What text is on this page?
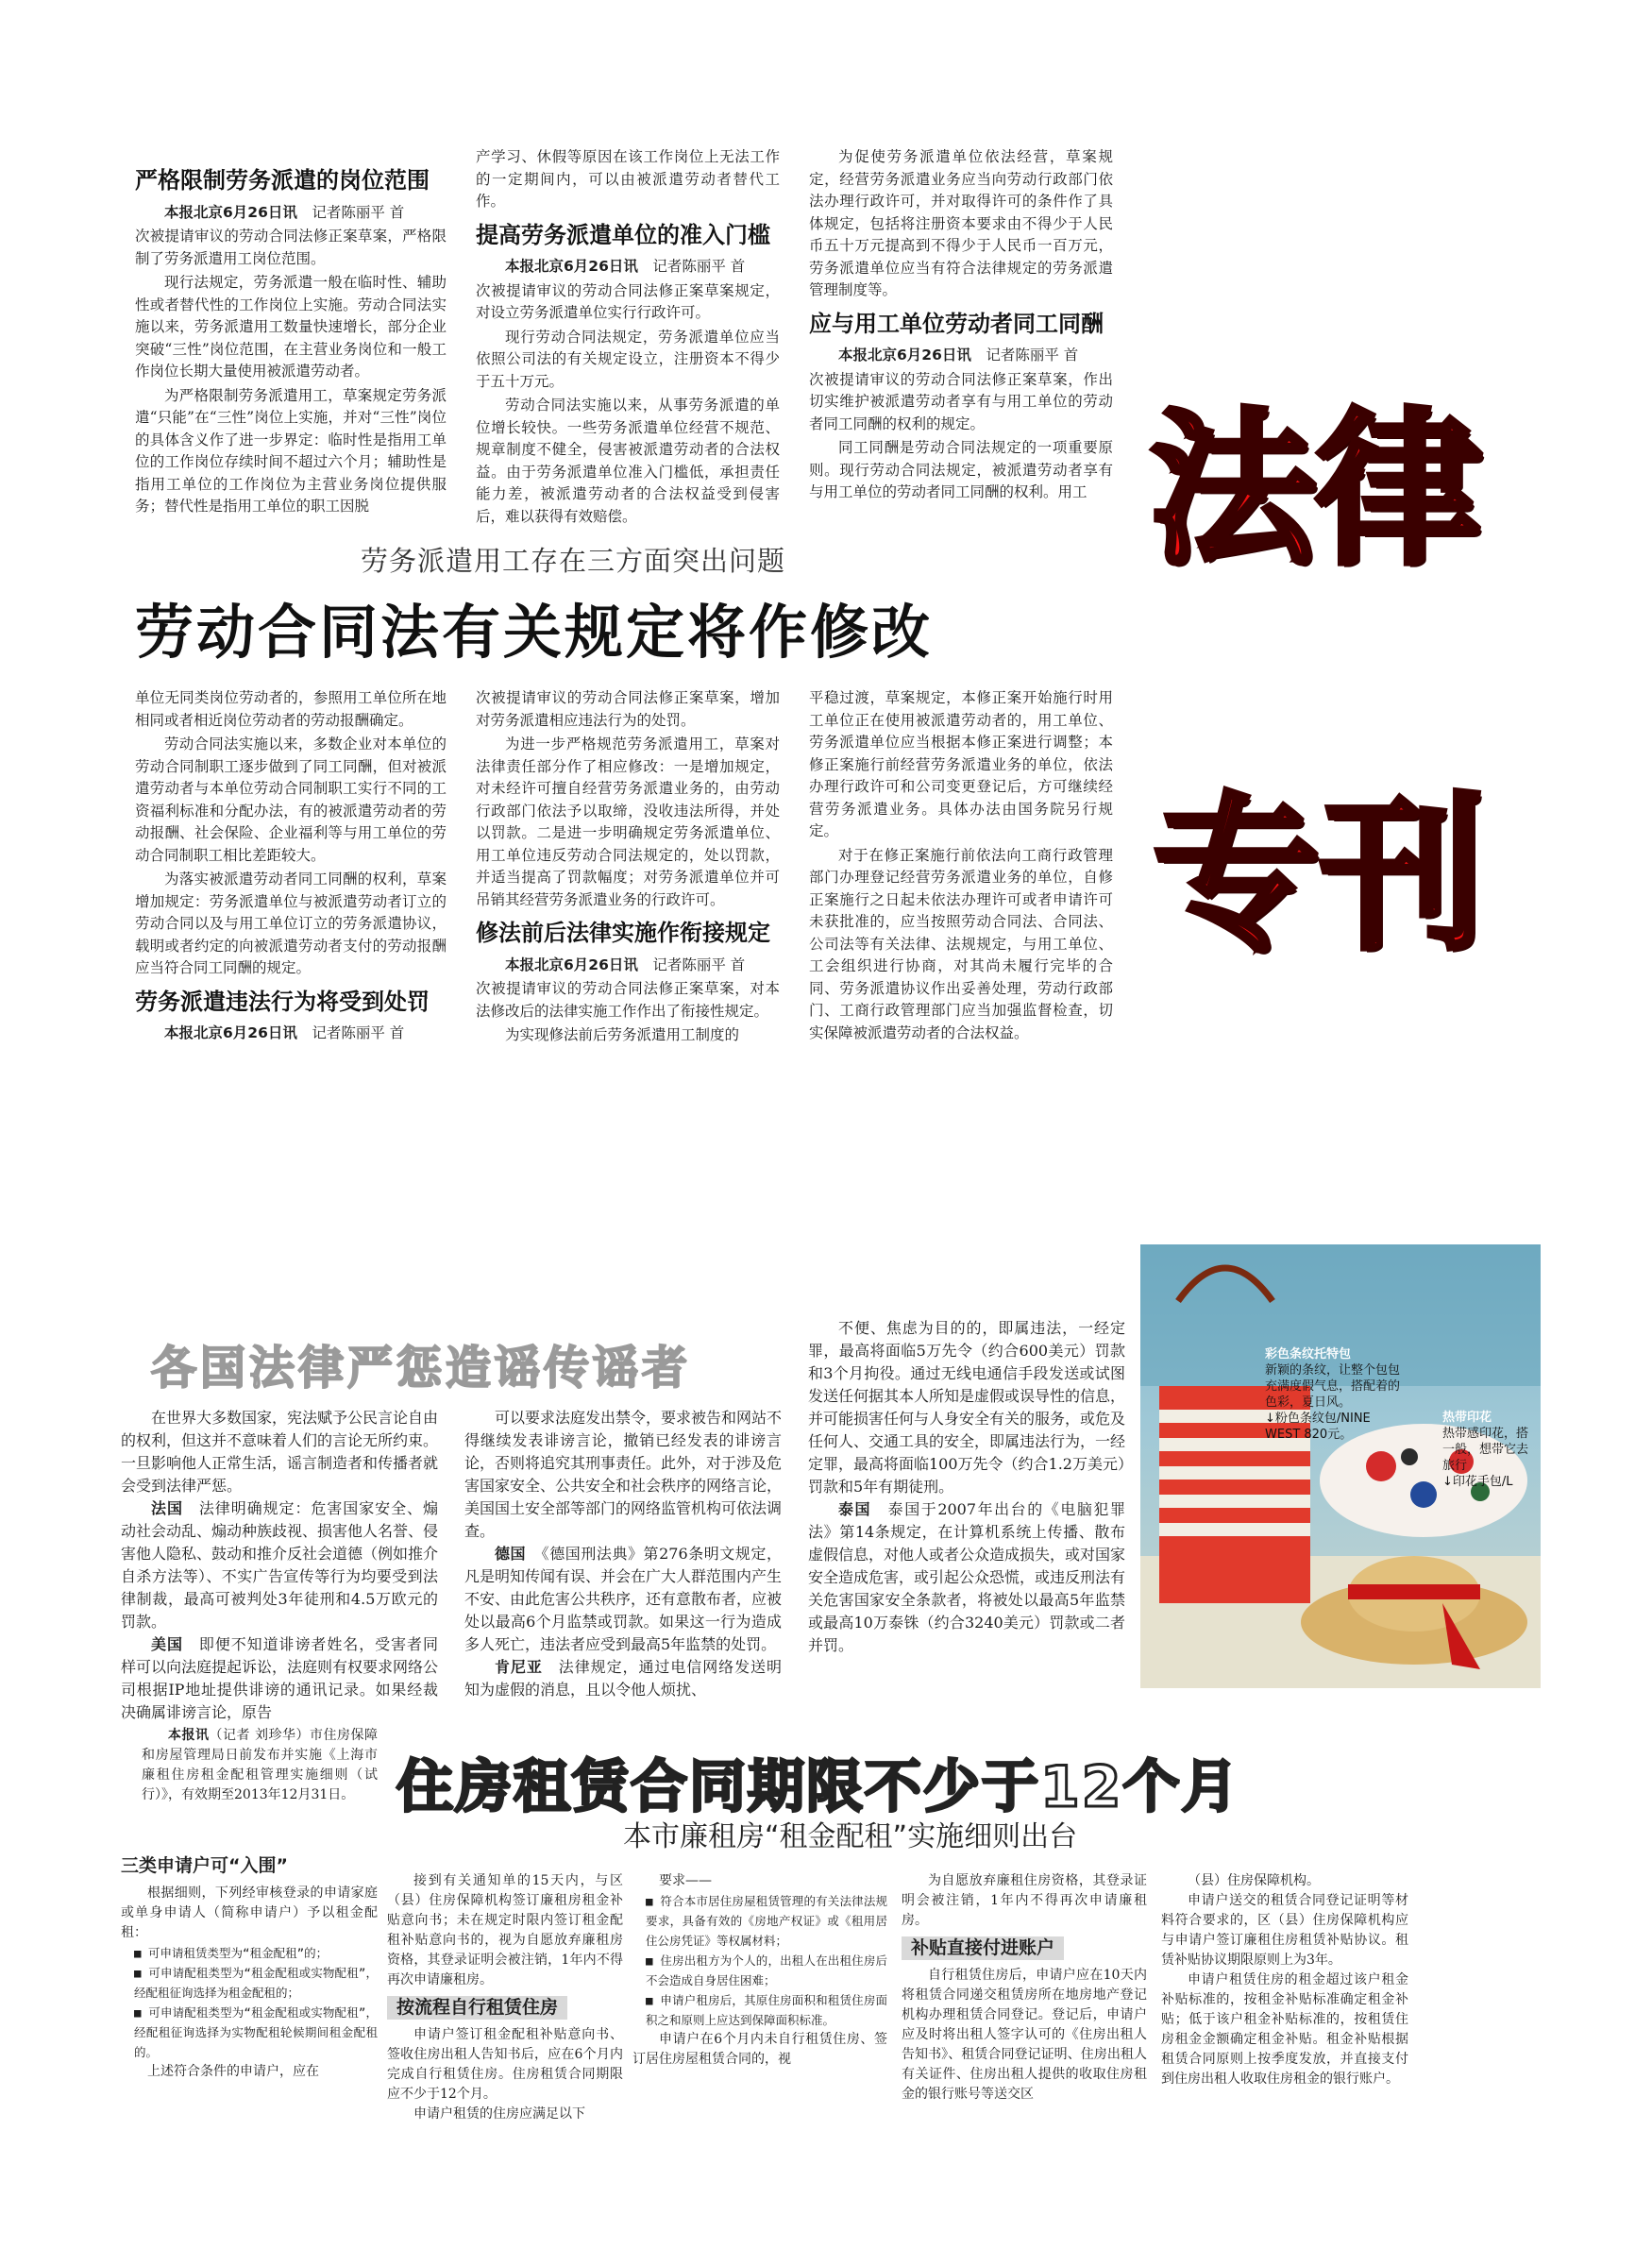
严格限制劳务派遣的岗位范围

本报北京6月26日讯　 记者陈丽平 首

次被提请审议的劳动合同法修正案草案，严格限制了劳务派遣用工岗位范围。

现行法规定，劳务派遣一般在临时性、辅助性或者替代性的工作岗位上实施。劳动合同法实施以来，劳务派遣用工数量快速增长，部分企业突破“三性”岗位范围，在主营业务岗位和一般工作岗位长期大量使用被派遣劳动者。

为严格限制劳务派遣用工，草案规定劳务派遣“只能”在“三性”岗位上实施，并对“三性”岗位的具体含义作了进一步界定：临时性是指用工单位的工作岗位存续时间不超过六个月；辅助性是指用工单位的工作岗位为主营业务岗位提供服务；替代性是指用工单位的职工因脱

产学习、休假等原因在该工作岗位上无法工作的一定期间内，可以由被派遣劳动者替代工作。

提高劳务派遣单位的准入门槛

本报北京6月26日讯　 记者陈丽平 首

次被提请审议的劳动合同法修正案草案规定，对设立劳务派遣单位实行行政许可。

现行劳动合同法规定，劳务派遣单位应当依照公司法的有关规定设立，注册资本不得少于五十万元。

劳动合同法实施以来，从事劳务派遣的单位增长较快。一些劳务派遣单位经营不规范、规章制度不健全，侵害被派遣劳动者的合法权益。由于劳务派遣单位准入门槛低，承担责任能力差，被派遣劳动者的合法权益受到侵害后，难以获得有效赔偿。

为促使劳务派遣单位依法经营，草案规定，经营劳务派遣业务应当向劳动行政部门依法办理行政许可，并对取得许可的条件作了具体规定，包括将注册资本要求由不得少于人民币五十万元提高到不得少于人民币一百万元，劳务派遣单位应当有符合法律规定的劳务派遣管理制度等。

应与用工单位劳动者同工同酬

本报北京6月26日讯　 记者陈丽平 首

次被提请审议的劳动合同法修正案草案，作出切实维护被派遣劳动者享有与用工单位的劳动者同工同酬的权利的规定。

同工同酬是劳动合同法规定的一项重要原则。现行劳动合同法规定，被派遣劳动者享有与用工单位的劳动者同工同酬的权利。用工 法律
专刊
劳务派遣用工存在三方面突出问题
劳动合同法有关规定将作修改

单位无同类岗位劳动者的，参照用工单位所在地相同或者相近岗位劳动者的劳动报酬确定。

劳动合同法实施以来，多数企业对本单位的劳动合同制职工逐步做到了同工同酬，但对被派遣劳动者与本单位劳动合同制职工实行不同的工资福利标准和分配办法，有的被派遣劳动者的劳动报酬、社会保险、企业福利等与用工单位的劳动合同制职工相比差距较大。

为落实被派遣劳动者同工同酬的权利，草案增加规定：劳务派遣单位与被派遣劳动者订立的劳动合同以及与用工单位订立的劳务派遣协议，载明或者约定的向被派遣劳动者支付的劳动报酬应当符合同工同酬的规定。

劳务派遣违法行为将受到处罚

本报北京6月26日讯　 记者陈丽平 首

次被提请审议的劳动合同法修正案草案，增加对劳务派遣相应违法行为的处罚。

为进一步严格规范劳务派遣用工，草案对法律责任部分作了相应修改：一是增加规定，对未经许可擅自经营劳务派遣业务的，由劳动行政部门依法予以取缔，没收违法所得，并处以罚款。二是进一步明确规定劳务派遣单位、用工单位违反劳动合同法规定的，处以罚款，并适当提高了罚款幅度；对劳务派遣单位并可吊销其经营劳务派遣业务的行政许可。

修法前后法律实施作衔接规定

本报北京6月26日讯　 记者陈丽平 首

次被提请审议的劳动合同法修正案草案，对本法修改后的法律实施工作作出了衔接性规定。

为实现修法前后劳务派遣用工制度的

平稳过渡，草案规定，本修正案开始施行时用工单位正在使用被派遣劳动者的，用工单位、劳务派遣单位应当根据本修正案进行调整；本修正案施行前经营劳务派遣业务的单位，依法办理行政许可和公司变更登记后，方可继续经营劳务派遣业务。具体办法由国务院另行规定。

对于在修正案施行前依法向工商行政管理部门办理登记经营劳务派遣业务的单位，自修正案施行之日起未依法办理许可或者申请许可未获批准的，应当按照劳动合同法、合同法、公司法等有关法律、法规规定，与用工单位、工会组织进行协商，对其尚未履行完毕的合同、劳务派遣协议作出妥善处理，劳动行政部门、工商行政管理部门应当加强监督检查，切实保障被派遣劳动者的合法权益。

各国法律严惩造谣传谣者

在世界大多数国家，宪法赋予公民言论自由的权利，但这并不意味着人们的言论无所约束。一旦影响他人正常生活，谣言制造者和传播者就会受到法律严惩。

法国　 法律明确规定：危害国家安全、煽动社会动乱、煽动种族歧视、损害他人名誉、侵害他人隐私、鼓动和推介反社会道德（例如推介自杀方法等）、不实广告宣传等行为均要受到法律制裁，最高可被判处3年徒刑和4.5万欧元的罚款。

美国　 即便不知道诽谤者姓名，受害者同样可以向法庭提起诉讼，法庭则有权要求网络公司根据IP地址提供诽谤的通讯记录。如果经裁决确属诽谤言论，原告

可以要求法庭发出禁令，要求被告和网站不得继续发表诽谤言论，撤销已经发表的诽谤言论，否则将追究其刑事责任。此外，对于涉及危害国家安全、公共安全和社会秩序的网络言论，美国国土安全部等部门的网络监管机构可依法调查。

德国　 《德国刑法典》第276条明文规定，凡是明知传闻有误、并会在广大人群范围内产生不安、由此危害公共秩序，还有意散布者，应被处以最高6个月监禁或罚款。如果这一行为造成多人死亡，违法者应受到最高5年监禁的处罚。

肯尼亚　 法律规定，通过电信网络发送明知为虚假的消息，且以令他人烦扰、

不便、焦虑为目的的，即属违法，一经定罪，最高将面临5万先令（约合600美元）罚款和3个月拘役。通过无线电通信手段发送或试图发送任何据其本人所知是虚假或误导性的信息，并可能损害任何与人身安全有关的服务，或危及任何人、交通工具的安全，即属违法行为，一经定罪，最高将面临100万先令（约合1.2万美元）罚款和5年有期徒刑。

泰国　 泰国于2007年出台的《电脑犯罪法》第14条规定，在计算机系统上传播、散布虚假信息，对他人或者公众造成损失，或对国家安全造成危害，或引起公众恐慌，或违反刑法有关危害国家安全条款者，将被处以最高5年监禁或最高10万泰铢（约合3240美元）罚款或二者并罚。

彩色条纹托特包
新颖的条纹，让整个包包充满度假气息，搭配着的色彩，夏日风。
↓粉色条纹包/NINE WEST 820元。
热带印花
热带感印花，搭一般，想带它去旅行
↓印花手包/L

本报讯（记者 刘珍华）市住房保障和房屋管理局日前发布并实施《上海市廉租住房租金配租管理实施细则（试行）》，有效期至2013年12月31日。 住房租赁合同期限不少于12个月
本市廉租房“租金配租”实施细则出台
三类申请户可“入围”

根据细则，下列经审核登录的申请家庭或单身申请人（简称申请户）予以租金配租：

■ 可申请租赁类型为“租金配租”的；

■ 可申请配租类型为“租金配租或实物配租”，经配租征询选择为租金配租的；

■ 可申请配租类型为“租金配租或实物配租”，经配租征询选择为实物配租轮候期间租金配租的。

上述符合条件的申请户，应在

接到有关通知单的15天内，与区（县）住房保障机构签订廉租房租金补贴意向书；未在规定时限内签订租金配租补贴意向书的，视为自愿放弃廉租房资格，其登录证明会被注销，1年内不得再次申请廉租房。

按流程自行租赁住房

申请户签订租金配租补贴意向书、签收住房出租人告知书后，应在6个月内完成自行租赁住房。住房租赁合同期限应不少于12个月。

申请户租赁的住房应满足以下

要求——

■ 符合本市居住房屋租赁管理的有关法律法规要求，具备有效的《房地产权证》或《租用居住公房凭证》等权属材料；

■ 住房出租方为个人的，出租人在出租住房后不会造成自身居住困难；

■ 申请户租房后，其原住房面积和租赁住房面积之和原则上应达到保障面积标准。

申请户在6个月内未自行租赁住房、签订居住房屋租赁合同的，视

为自愿放弃廉租住房资格，其登录证明会被注销，1年内不得再次申请廉租房。

补贴直接付进账户

自行租赁住房后，申请户应在10天内将租赁合同递交租赁房所在地房地产登记机构办理租赁合同登记。登记后，申请户应及时将出租人签字认可的《住房出租人告知书》、租赁合同登记证明、住房出租人有关证件、住房出租人提供的收取住房租金的银行账号等送交区

（县）住房保障机构。

申请户送交的租赁合同登记证明等材料符合要求的，区（县）住房保障机构应与申请户签订廉租住房租赁补贴协议。租赁补贴协议期限原则上为3年。

申请户租赁住房的租金超过该户租金补贴标准的，按租金补贴标准确定租金补贴；低于该户租金补贴标准的，按租赁住房租金金额确定租金补贴。租金补贴根据租赁合同原则上按季度发放，并直接支付到住房出租人收取住房租金的银行账户。
